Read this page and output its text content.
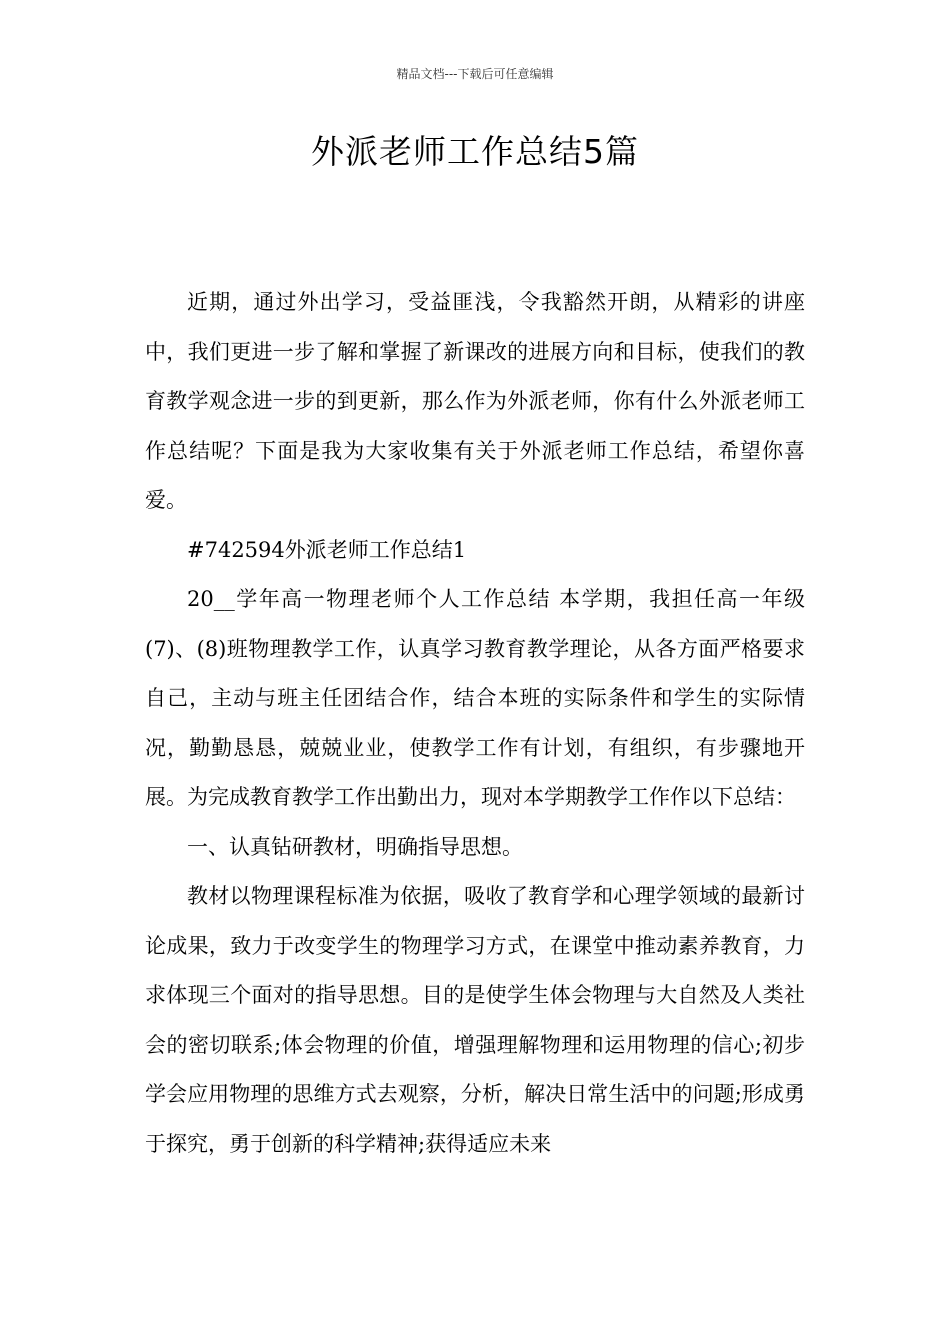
精品文档---下载后可任意编辑
外派老师工作总结5篇

近期，通过外出学习，受益匪浅，令我豁然开朗，从精彩的讲座中，我们更进一步了解和掌握了新课改的进展方向和目标，使我们的教育教学观念进一步的到更新，那么作为外派老师，你有什么外派老师工作总结呢？下面是我为大家收集有关于外派老师工作总结，希望你喜爱。

#742594外派老师工作总结1

20__学年高一物理老师个人工作总结 本学期，我担任高一年级(7)、(8)班物理教学工作，认真学习教育教学理论，从各方面严格要求自己，主动与班主任团结合作，结合本班的实际条件和学生的实际情况，勤勤恳恳，兢兢业业，使教学工作有计划，有组织，有步骤地开展。为完成教育教学工作出勤出力，现对本学期教学工作作以下总结：

一、认真钻研教材，明确指导思想。

教材以物理课程标准为依据，吸收了教育学和心理学领域的最新讨论成果，致力于改变学生的物理学习方式，在课堂中推动素养教育，力求体现三个面对的指导思想。目的是使学生体会物理与大自然及人类社会的密切联系;体会物理的价值，增强理解物理和运用物理的信心;初步学会应用物理的思维方式去观察，分析，解决日常生活中的问题;形成勇于探究，勇于创新的科学精神;获得适应未来
